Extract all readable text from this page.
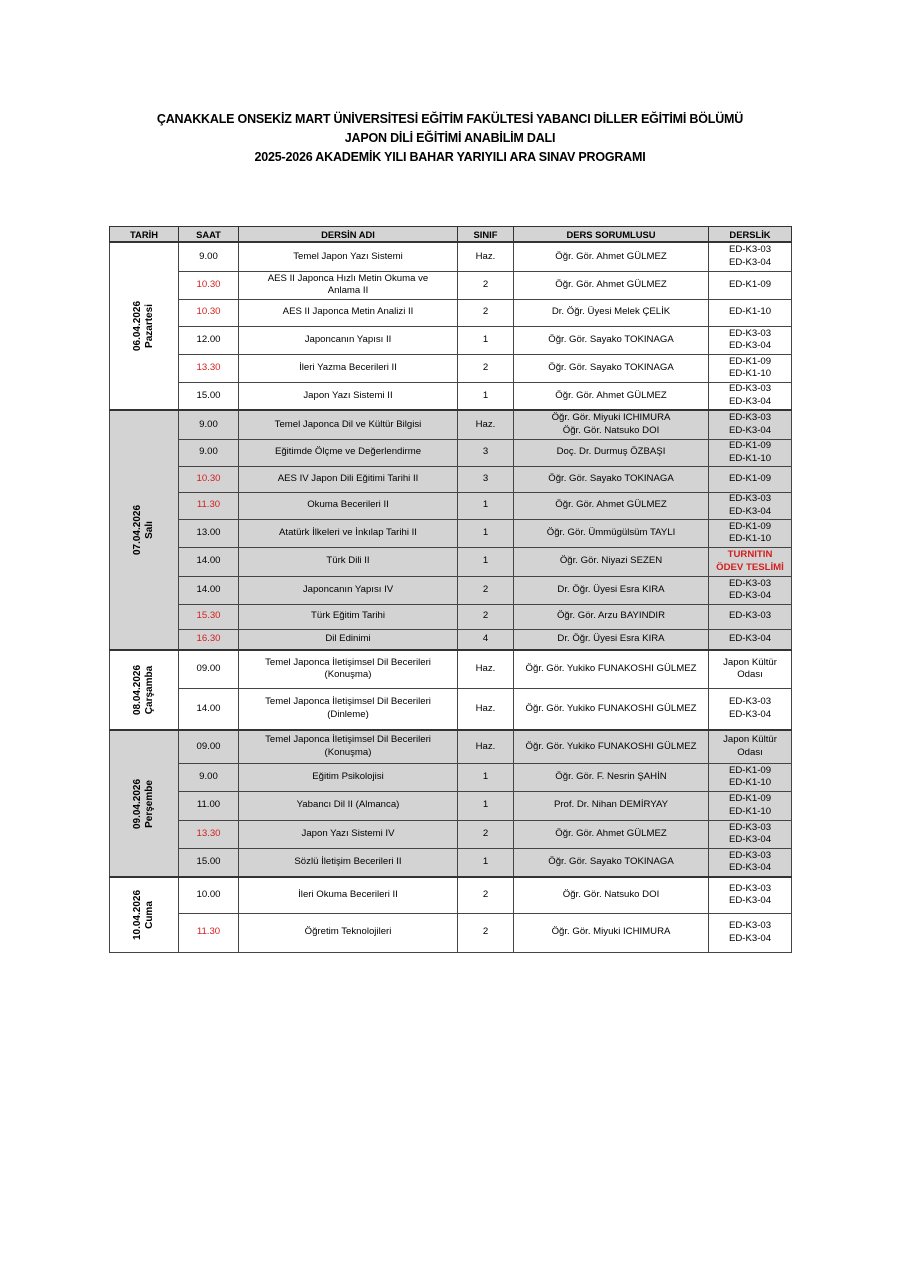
ÇANAKKALE ONSEKİZ MART ÜNİVERSİTESİ EĞİTİM FAKÜLTESİ YABANCI DİLLER EĞİTİMİ BÖLÜMÜ
JAPON DİLİ EĞİTİMİ ANABİLİM DALI
2025-2026 AKADEMİK YILI BAHAR YARIYILI ARA SINAV PROGRAMI
TARİH	SAAT	DERSİN ADI	SINIF	DERS SORUMLUSU	DERSLİK

06.04.2026 Pazartesi	9.00	Temel Japon Yazı Sistemi	Haz.	Öğr. Gör. Ahmet GÜLMEZ	ED-K3-03
ED-K3-04

	10.30	AES II Japonca Hızlı Metin Okuma ve
Anlama II	2	Öğr. Gör. Ahmet GÜLMEZ	ED-K1-09

	10.30	AES II Japonca Metin Analizi II	2	Dr. Öğr. Üyesi Melek ÇELİK	ED-K1-10

	12.00	Japoncanın Yapısı II	1	Öğr. Gör. Sayako TOKINAGA	ED-K3-03
ED-K3-04

	13.30	İleri Yazma Becerileri II	2	Öğr. Gör. Sayako TOKINAGA	ED-K1-09
ED-K1-10

	15.00	Japon Yazı Sistemi II	1	Öğr. Gör. Ahmet GÜLMEZ	ED-K3-03
ED-K3-04

07.04.2026 Salı	9.00	Temel Japonca Dil ve Kültür Bilgisi	Haz.	Öğr. Gör. Miyuki ICHIMURA
Öğr. Gör. Natsuko DOI	ED-K3-03
ED-K3-04

	9.00	Eğitimde Ölçme ve Değerlendirme	3	Doç. Dr. Durmuş ÖZBAŞI	ED-K1-09
ED-K1-10

	10.30	AES IV Japon Dili Eğitimi Tarihi II	3	Öğr. Gör. Sayako TOKINAGA	ED-K1-09

	11.30	Okuma Becerileri II	1	Öğr. Gör. Ahmet GÜLMEZ	ED-K3-03
ED-K3-04

	13.00	Atatürk İlkeleri ve İnkılap Tarihi II	1	Öğr. Gör. Ümmügülsüm TAYLI	ED-K1-09
ED-K1-10

	14.00	Türk Dili II	1	Öğr. Gör. Niyazi SEZEN	TURNITIN
ÖDEV TESLİMİ

	14.00	Japoncanın Yapısı IV	2	Dr. Öğr. Üyesi Esra KIRA	ED-K3-03
ED-K3-04

	15.30	Türk Eğitim Tarihi	2	Öğr. Gör. Arzu BAYINDIR	ED-K3-03

	16.30	Dil Edinimi	4	Dr. Öğr. Üyesi Esra KIRA	ED-K3-04

08.04.2026 Çarşamba	09.00	Temel Japonca İletişimsel Dil Becerileri
(Konuşma)	Haz.	Öğr. Gör. Yukiko FUNAKOSHI GÜLMEZ	Japon Kültür
Odası

	14.00	Temel Japonca İletişimsel Dil Becerileri
(Dinleme)	Haz.	Öğr. Gör. Yukiko FUNAKOSHI GÜLMEZ	ED-K3-03
ED-K3-04

09.04.2026 Perşembe	09.00	Temel Japonca İletişimsel Dil Becerileri
(Konuşma)	Haz.	Öğr. Gör. Yukiko FUNAKOSHI GÜLMEZ	Japon Kültür
Odası

	9.00	Eğitim Psikolojisi	1	Öğr. Gör. F. Nesrin ŞAHİN	ED-K1-09
ED-K1-10

	11.00	Yabancı Dil II (Almanca)	1	Prof. Dr. Nihan DEMİRYAY	ED-K1-09
ED-K1-10

	13.30	Japon Yazı Sistemi IV	2	Öğr. Gör. Ahmet GÜLMEZ	ED-K3-03
ED-K3-04

	15.00	Sözlü İletişim Becerileri II	1	Öğr. Gör. Sayako TOKINAGA	ED-K3-03
ED-K3-04

10.04.2026 Cuma	10.00	İleri Okuma Becerileri II	2	Öğr. Gör. Natsuko DOI	ED-K3-03
ED-K3-04

	11.30	Öğretim Teknolojileri	2	Öğr. Gör. Miyuki ICHIMURA	ED-K3-03
ED-K3-04
